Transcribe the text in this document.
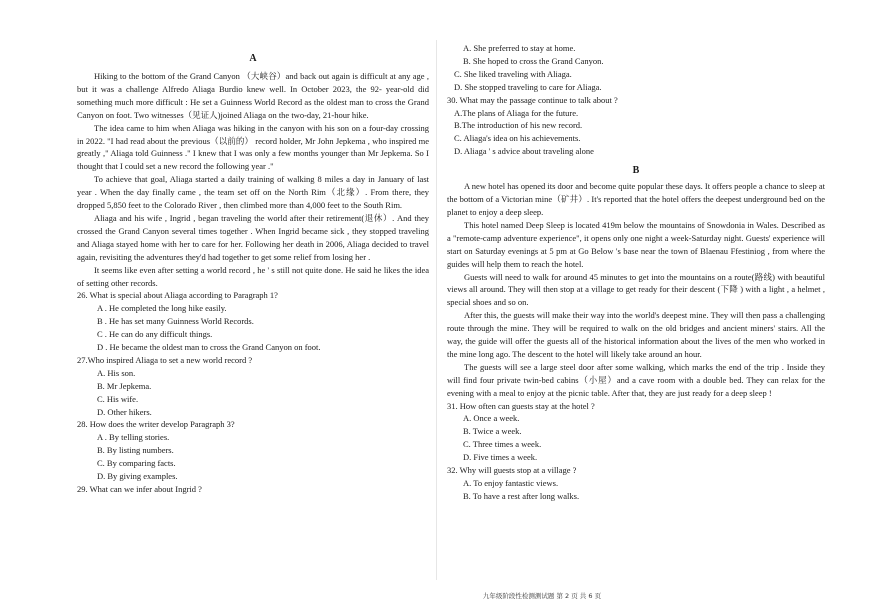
A

Hiking to the bottom of the Grand Canyon （大峡谷）and back out again is difficult at any age , but it was a challenge Alfredo Aliaga Burdio knew well. In October 2023, the 92- year-old did something much more difficult : He set a Guinness World Record as the oldest man to cross the Grand Canyon on foot. Two witnesses（见证人)joined Aliaga on the two-day, 21-hour hike.

The idea came to him when Aliaga was hiking in the canyon with his son on a four-day crossing in 2022. "I had read about the previous（以前的） record holder, Mr John Jepkema , who inspired me greatly ," Aliaga told Guinness ." I knew that I was only a few months younger than Mr Jepkema. So I thought that I could set a new record the following year ."

To achieve that goal, Aliaga started a daily training of walking 8 miles a day in January of last year . When the day finally came , the team set off on the North Rim（北缘）. From there, they dropped 5,850 feet to the Colorado River , then climbed more than 4,000 feet to the South Rim.

Aliaga and his wife , Ingrid , began traveling the world after their retirement(退休）. And they crossed the Grand Canyon several times together . When Ingrid became sick , they stopped traveling and Aliaga stayed home with her to care for her. Following her death in 2006, Aliaga decided to travel again, revisiting the adventures they'd had together to get some relief from losing her .

It seems like even after setting a world record , he ' s still not quite done. He said he likes the idea of setting other records.

26. What is special about Aliaga according to Paragraph 1?

A . He completed the long hike easily.

B . He has set many Guinness World Records.

C . He can do any difficult things.

D . He became the oldest man to cross the Grand Canyon on foot.

27.Who inspired Aliaga to set a new world record ?

A. His son.

B. Mr Jepkema.

C. His wife.

D. Other hikers.

28. How does the writer develop Paragraph 3?

A . By telling stories.

B. By listing numbers.

C. By comparing facts.

D. By giving examples.

29. What can we infer about Ingrid ?

A. She preferred to stay at home.

B. She hoped to cross the Grand Canyon.

C. She liked traveling with Aliaga.

D. She stopped traveling to care for Aliaga.

30. What may the passage continue to talk about ?

A.The plans of Aliaga for the future.

B.The introduction of his new record.

C. Aliaga's idea on his achievements.

D. Aliaga ' s advice about traveling alone

B

A new hotel has opened its door and become quite popular these days. It offers people a chance to sleep at the bottom of a Victorian mine（矿井）. It's reported that the hotel offers the deepest underground bed on the planet to enjoy a deep sleep.

This hotel named Deep Sleep is located 419m below the mountains of Snowdonia in Wales. Described as a "remote-camp adventure experience", it opens only one night a week-Saturday night. Guests' experience will start on Saturday evenings at 5 pm at Go Below 's base near the town of Blaenau Ffestiniog , from where the guides will help them to reach the hotel.

Guests will need to walk for around 45 minutes to get into the mountains on a route(路线) with beautiful views all around. They will then stop at a village to get ready for their descent (下降 ) with a light , a helmet , special shoes and so on.

After this, the guests will make their way into the world's deepest mine. They will then pass a challenging route through the mine. They will be required to walk on the old bridges and ancient miners' stairs. All the way, the guide will offer the guests all of the historical information about the lives of the men who worked in the mine long ago. The descent to the hotel will likely take around an hour.

The guests will see a large steel door after some walking, which marks the end of the trip . Inside they will find four private twin-bed cabins（小屋）and a cave room with a double bed. They can relax for the evening with a meal to enjoy at the picnic table. After that, they are just ready for a deep sleep !

31. How often can guests stay at the hotel ?

A. Once a week.

B. Twice a week.

C. Three times a week.

D. Five times a week.

32. Why will guests stop at a village ?

A. To enjoy fantastic views.

B. To have a rest after long walks.

九年级阶段性检测测试题 第 2 页 共 6 页
